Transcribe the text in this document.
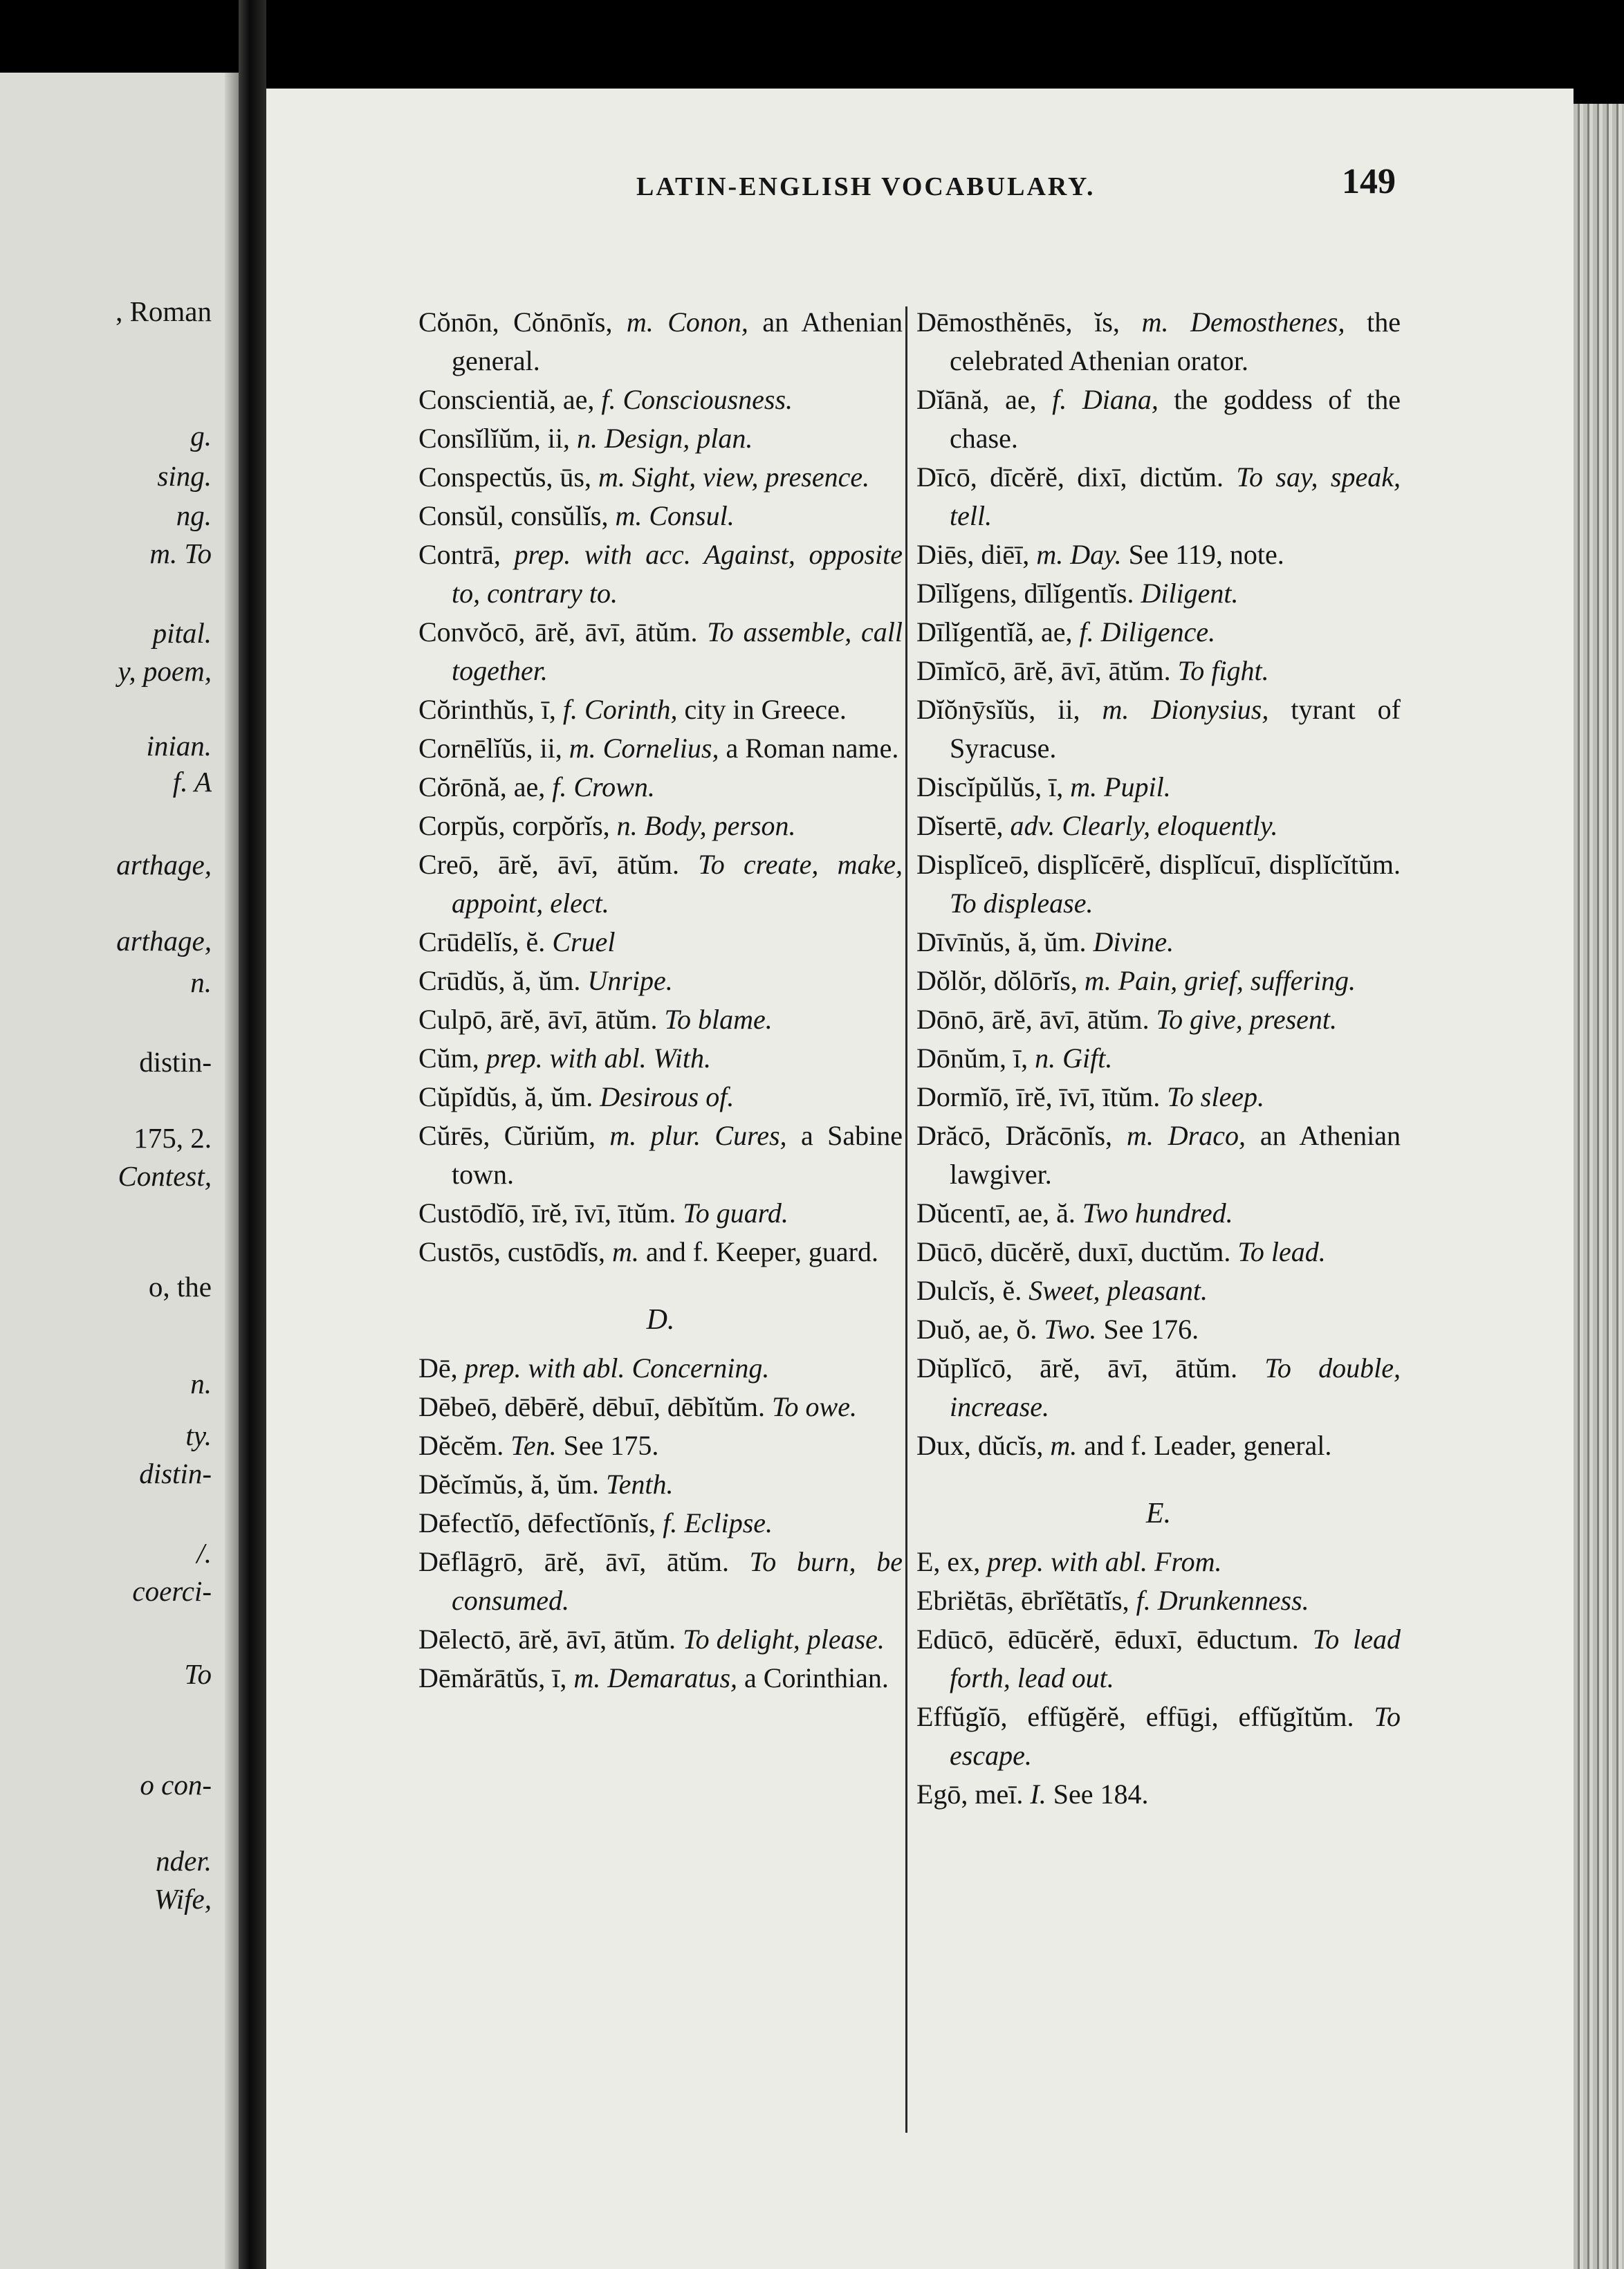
, Roman
g.
sing.
ng.
m. To
pital.
y, poem,
inian.
f. A
arthage,
arthage,
n.
distin-
175, 2.
Contest,
o, the
n.
ty.
distin-
/.
coerci-
To
o con-
nder.
Wife,
LATIN-ENGLISH VOCABULARY.	149

Cŏnōn, Cŏnōnĭs, m. Conon, an Athenian general.

Conscientiă, ae, f. Consciousness.

Consĭlĭŭm, ii, n. Design, plan.

Conspectŭs, ūs, m. Sight, view, presence.

Consŭl, consŭlĭs, m. Consul.

Contrā, prep. with acc. Against, opposite to, contrary to.

Convŏcō, ārĕ, āvī, ātŭm. To assemble, call together.

Cŏrinthŭs, ī, f. Corinth, city in Greece.

Cornēlĭŭs, ii, m. Cornelius, a Roman name.

Cŏrōnă, ae, f. Crown.

Corpŭs, corpŏrĭs, n. Body, person.

Creō, ārĕ, āvī, ātŭm. To create, make, appoint, elect.

Crūdēlĭs, ĕ. Cruel

Crūdŭs, ă, ŭm. Unripe.

Culpō, ārĕ, āvī, ātŭm. To blame.

Cŭm, prep. with abl. With.

Cŭpĭdŭs, ă, ŭm. Desirous of.

Cŭrēs, Cŭriŭm, m. plur. Cures, a Sabine town.

Custōdĭō, īrĕ, īvī, ītŭm. To guard.

Custōs, custōdĭs, m. and f. Keeper, guard.

D.

Dē, prep. with abl. Concerning.

Dēbeō, dēbērĕ, dēbuī, dēbĭtŭm. To owe.

Dĕcĕm. Ten. See 175.

Dĕcĭmŭs, ă, ŭm. Tenth.

Dēfectĭō, dēfectĭōnĭs, f. Eclipse.

Dēflāgrō, ārĕ, āvī, ātŭm. To burn, be consumed.

Dēlectō, ārĕ, āvī, ātŭm. To delight, please.

Dēmărātŭs, ī, m. Demaratus, a Corinthian.

Dēmosthĕnēs, ĭs, m. Demosthenes, the celebrated Athenian orator.

Dĭānă, ae, f. Diana, the goddess of the chase.

Dīcō, dīcĕrĕ, dixī, dictŭm. To say, speak, tell.

Diēs, diēī, m. Day. See 119, note.

Dīlĭgens, dīlĭgentĭs. Diligent.

Dīlĭgentĭă, ae, f. Diligence.

Dīmĭcō, ārĕ, āvī, ātŭm. To fight.

Dĭŏnȳsĭŭs, ii, m. Dionysius, tyrant of Syracuse.

Discĭpŭlŭs, ī, m. Pupil.

Dĭsertē, adv. Clearly, eloquently.

Displĭceō, displĭcērĕ, displĭcuī, displĭcĭtŭm. To displease.

Dīvīnŭs, ă, ŭm. Divine.

Dŏlŏr, dŏlōrĭs, m. Pain, grief, suffering.

Dōnō, ārĕ, āvī, ātŭm. To give, present.

Dōnŭm, ī, n. Gift.

Dormĭō, īrĕ, īvī, ītŭm. To sleep.

Drăcō, Drăcōnĭs, m. Draco, an Athenian lawgiver.

Dŭcentī, ae, ă. Two hundred.

Dūcō, dūcĕrĕ, duxī, ductŭm. To lead.

Dulcĭs, ĕ. Sweet, pleasant.

Duŏ, ae, ŏ. Two. See 176.

Dŭplĭcō, ārĕ, āvī, ātŭm. To double, increase.

Dux, dŭcĭs, m. and f. Leader, general.

E.

E, ex, prep. with abl. From.

Ebriĕtās, ēbrĭĕtātĭs, f. Drunkenness.

Edūcō, ēdūcĕrĕ, ēduxī, ēductum. To lead forth, lead out.

Effŭgĭō, effŭgĕrĕ, effūgi, effŭgĭtŭm. To escape.

Egō, meī. I. See 184.
